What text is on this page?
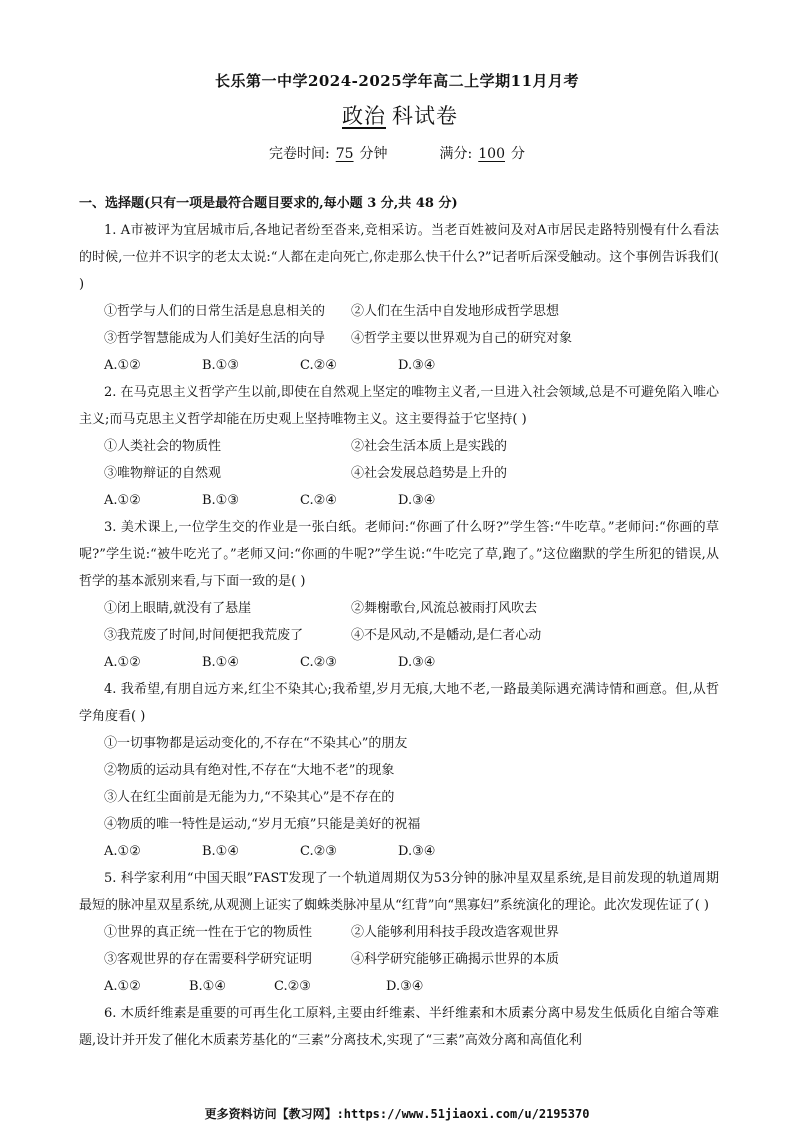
长乐第一中学2024-2025学年高二上学期11月月考
政治 科试卷
完卷时间: 75 分钟	满分: 100 分

一、选择题(只有一项是最符合题目要求的,每小题 3 分,共 48 分)

1. A市被评为宜居城市后,各地记者纷至沓来,竞相采访。当老百姓被问及对A市居民走路特别慢有什么看法的时候,一位并不识字的老太太说:“人都在走向死亡,你走那么快干什么?”记者听后深受触动。这个事例告诉我们( )

①哲学与人们的日常生活是息息相关的	②人们在生活中自发地形成哲学思想
③哲学智慧能成为人们美好生活的向导	④哲学主要以世界观为自己的研究对象
A.①②	B.①③	C.②④	D.③④

2. 在马克思主义哲学产生以前,即使在自然观上坚定的唯物主义者,一旦进入社会领域,总是不可避免陷入唯心主义;而马克思主义哲学却能在历史观上坚持唯物主义。这主要得益于它坚持( )

①人类社会的物质性	②社会生活本质上是实践的
③唯物辩证的自然观	④社会发展总趋势是上升的
A.①②	B.①③	C.②④	D.③④

3. 美术课上,一位学生交的作业是一张白纸。老师问:“你画了什么呀?”学生答:“牛吃草。”老师问:“你画的草呢?”学生说:“被牛吃光了。”老师又问:“你画的牛呢?”学生说:“牛吃完了草,跑了。”这位幽默的学生所犯的错误,从哲学的基本派别来看,与下面一致的是( )

①闭上眼睛,就没有了悬崖	②舞榭歌台,风流总被雨打风吹去
③我荒废了时间,时间便把我荒废了	④不是风动,不是幡动,是仁者心动
A.①②	B.①④	C.②③	D.③④

4. 我希望,有朋自远方来,红尘不染其心;我希望,岁月无痕,大地不老,一路最美际遇充满诗情和画意。但,从哲学角度看( )

①一切事物都是运动变化的,不存在“不染其心”的朋友

②物质的运动具有绝对性,不存在“大地不老”的现象

③人在红尘面前是无能为力,“不染其心”是不存在的

④物质的唯一特性是运动,“岁月无痕”只能是美好的祝福

A.①②	B.①④	C.②③	D.③④

5. 科学家利用“中国天眼”FAST发现了一个轨道周期仅为53分钟的脉冲星双星系统,是目前发现的轨道周期最短的脉冲星双星系统,从观测上证实了蜘蛛类脉冲星从“红背”向“黑寡妇”系统演化的理论。此次发现佐证了( )

①世界的真正统一性在于它的物质性	②人能够利用科技手段改造客观世界
③客观世界的存在需要科学研究证明	④科学研究能够正确揭示世界的本质
A.①②	B.①④	C.②③	D.③④

6. 木质纤维素是重要的可再生化工原料,主要由纤维素、半纤维素和木质素分离中易发生低质化自缩合等难题,设计并开发了催化木质素芳基化的“三素”分离技术,实现了“三素”高效分离和高值化利

更多资料访问【教习网】:https://www.51jiaoxi.com/u/2195370
